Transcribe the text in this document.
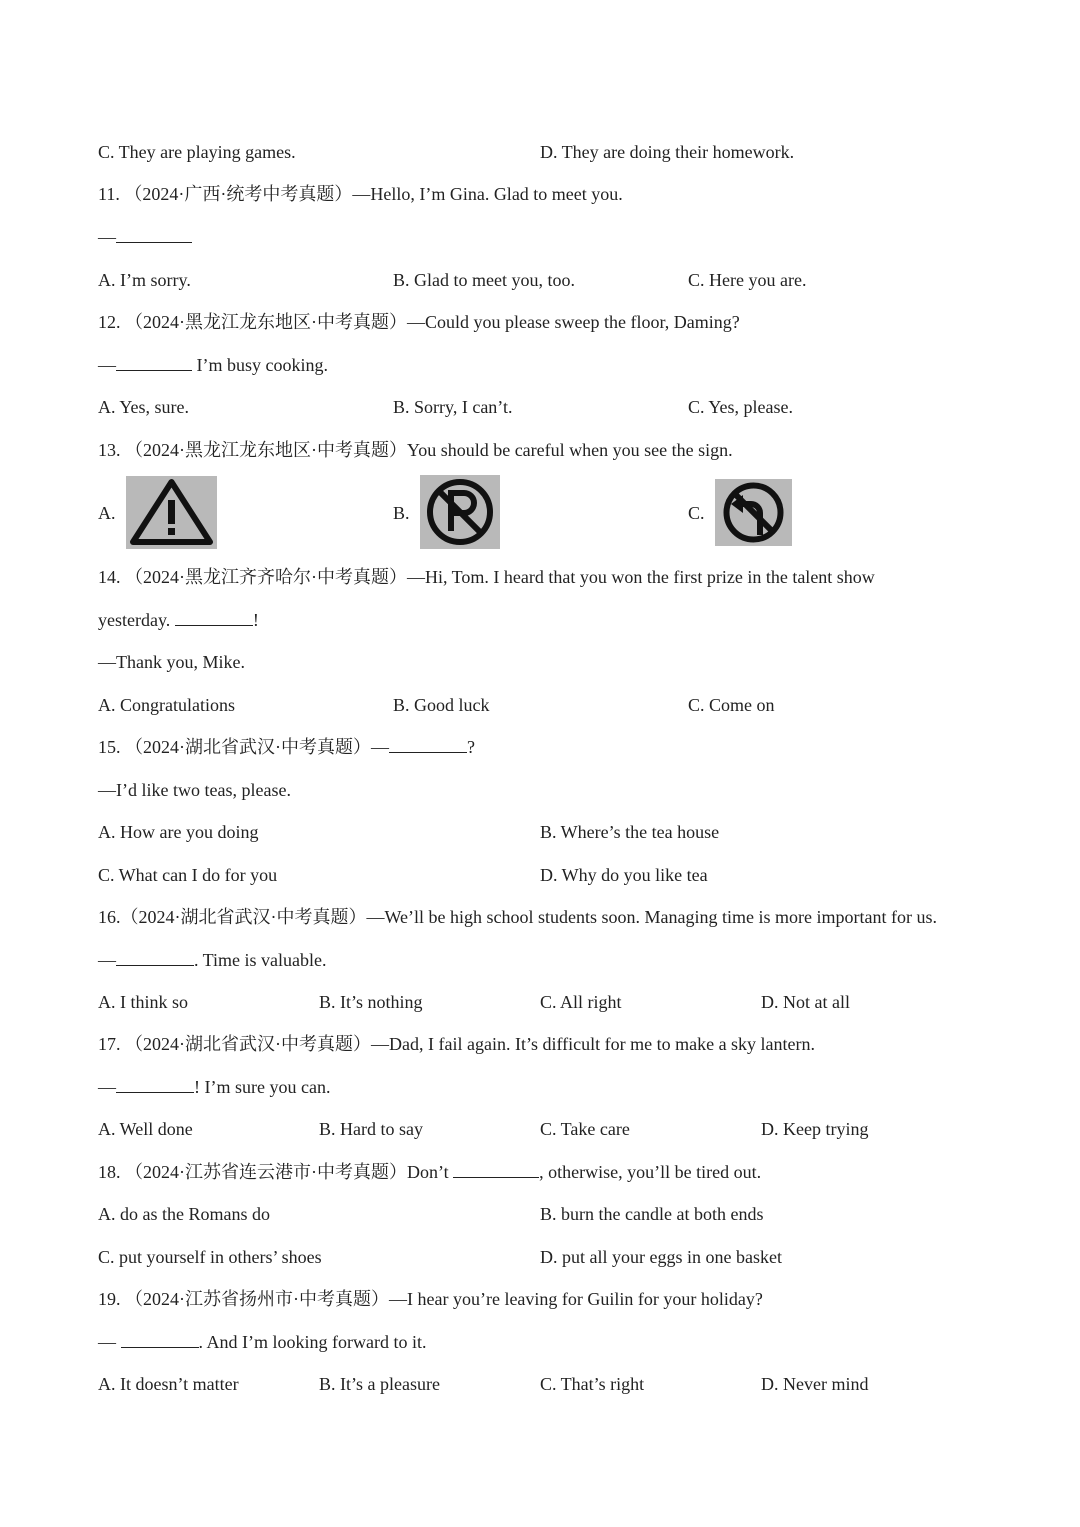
C. They are playing games.	D. They are doing their homework.
11. （2024·广西·统考中考真题）—Hello, I’m Gina. Glad to meet you.
—
A. I’m sorry.	B. Glad to meet you, too.	C. Here you are.
12. （2024·黑龙江龙东地区·中考真题）—Could you please sweep the floor, Daming?
—	I’m busy cooking.
A. Yes, sure.	B. Sorry, I can’t.	C. Yes, please.
13. （2024·黑龙江龙东地区·中考真题）You should be careful when you see the sign.
A.	B.	C.
14. （2024·黑龙江齐齐哈尔·中考真题）—Hi, Tom. I heard that you won the first prize in the talent show
yesterday.	!
—Thank you, Mike.
A. Congratulations	B. Good luck	C. Come on
15. （2024·湖北省武汉·中考真题）—	?
—I’d like two teas, please.
A. How are you doing	B. Where’s the tea house
C. What can I do for you	D. Why do you like tea
16.（2024·湖北省武汉·中考真题）—We’ll be high school students soon. Managing time is more important for us.
—	. Time is valuable.
A. I think so	B. It’s nothing	C. All right	D. Not at all
17. （2024·湖北省武汉·中考真题）—Dad, I fail again. It’s difficult for me to make a sky lantern.
—	! I’m sure you can.
A. Well done	B. Hard to say	C. Take care	D. Keep trying
18. （2024·江苏省连云港市·中考真题）Don’t	, otherwise, you’ll be tired out.
A. do as the Romans do	B. burn the candle at both ends
C. put yourself in others’ shoes	D. put all your eggs in one basket
19. （2024·江苏省扬州市·中考真题）—I hear you’re leaving for Guilin for your holiday?
—	. And I’m looking forward to it.
A. It doesn’t matter	B. It’s a pleasure	C. That’s right	D. Never mind
